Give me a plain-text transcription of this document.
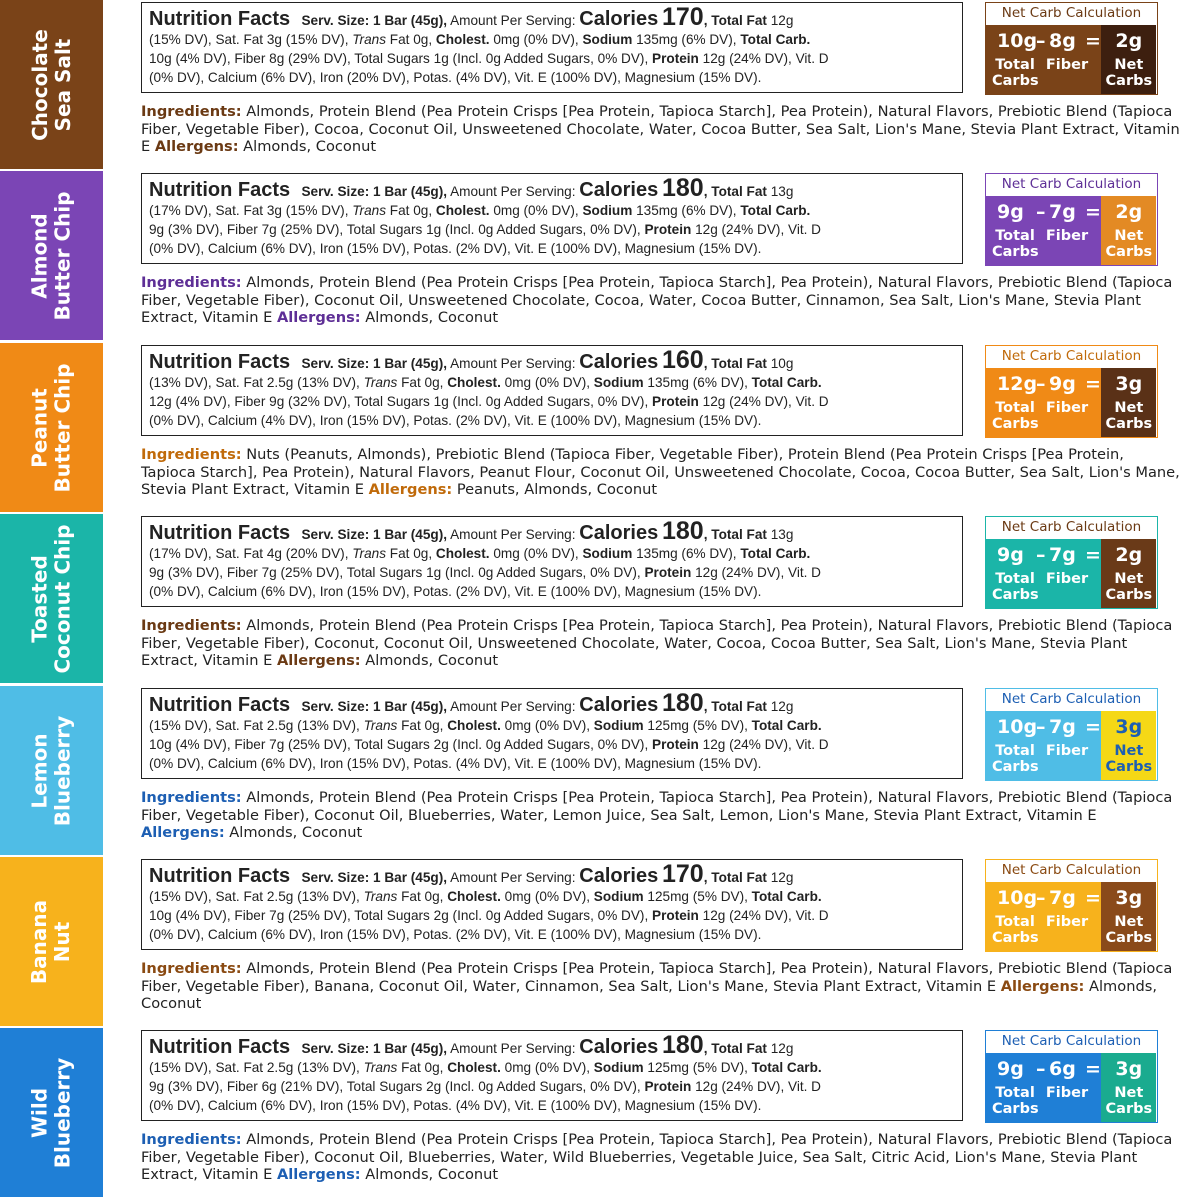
Chocolate Sea Salt
Nutrition Facts Serv. Size: 1 Bar (45g), Amount Per Serving: Calories 170, Total Fat 12g
(15% DV), Sat. Fat 3g (15% DV), Trans Fat 0g, Cholest. 0mg (0% DV), Sodium 135mg (6% DV), Total Carb.
10g (4% DV), Fiber 8g (29% DV), Total Sugars 1g (Incl. 0g Added Sugars, 0% DV), Protein 12g (24% DV), Vit. D
(0% DV), Calcium (6% DV), Iron (20% DV), Potas. (4% DV), Vit. E (100% DV), Magnesium (15% DV).
Net Carb Calculation
10g
– 8g =
Total
Carbs
Fiber
2g
Net
Carbs
Ingredients: Almonds, Protein Blend (Pea Protein Crisps [Pea Protein, Tapioca Starch], Pea Protein), Natural Flavors, Prebiotic Blend (Tapioca Fiber, Vegetable Fiber), Cocoa, Coconut Oil, Unsweetened Chocolate, Water, Cocoa Butter, Sea Salt, Lion's Mane, Stevia Plant Extract, Vitamin E Allergens: Almonds, Coconut
Almond Butter Chip
Nutrition Facts Serv. Size: 1 Bar (45g), Amount Per Serving: Calories 180, Total Fat 13g
(17% DV), Sat. Fat 3g (15% DV), Trans Fat 0g, Cholest. 0mg (0% DV), Sodium 135mg (6% DV), Total Carb.
9g (3% DV), Fiber 7g (25% DV), Total Sugars 1g (Incl. 0g Added Sugars, 0% DV), Protein 12g (24% DV), Vit. D
(0% DV), Calcium (6% DV), Iron (15% DV), Potas. (2% DV), Vit. E (100% DV), Magnesium (15% DV).
Net Carb Calculation
9g – 7g =
Total
Carbs
Fiber
2g
Net
Carbs
Ingredients: Almonds, Protein Blend (Pea Protein Crisps [Pea Protein, Tapioca Starch], Pea Protein), Natural Flavors, Prebiotic Blend (Tapioca Fiber, Vegetable Fiber), Coconut Oil, Unsweetened Chocolate, Cocoa, Water, Cocoa Butter, Cinnamon, Sea Salt, Lion's Mane, Stevia Plant Extract, Vitamin E Allergens: Almonds, Coconut
Peanut Butter Chip
Nutrition Facts Serv. Size: 1 Bar (45g), Amount Per Serving: Calories 160, Total Fat 10g
(13% DV), Sat. Fat 2.5g (13% DV), Trans Fat 0g, Cholest. 0mg (0% DV), Sodium 135mg (6% DV), Total Carb.
12g (4% DV), Fiber 9g (32% DV), Total Sugars 1g (Incl. 0g Added Sugars, 0% DV), Protein 12g (24% DV), Vit. D
(0% DV), Calcium (4% DV), Iron (15% DV), Potas. (2% DV), Vit. E (100% DV), Magnesium (15% DV).
Net Carb Calculation
12g
– 9g =
Total
Carbs
Fiber
3g
Net
Carbs
Ingredients: Nuts (Peanuts, Almonds), Prebiotic Blend (Tapioca Fiber, Vegetable Fiber), Protein Blend (Pea Protein Crisps [Pea Protein, Tapioca Starch], Pea Protein), Natural Flavors, Peanut Flour, Coconut Oil, Unsweetened Chocolate, Cocoa, Cocoa Butter, Sea Salt, Lion's Mane, Stevia Plant Extract, Vitamin E Allergens: Peanuts, Almonds, Coconut
Toasted Coconut Chip	Nutrition Facts Serv. Size: 1 Bar (45g), Amount Per Serving: Calories 180, Total Fat 13g
(17% DV), Sat. Fat 4g (20% DV), Trans Fat 0g, Cholest. 0mg (0% DV), Sodium 135mg (6% DV), Total Carb.
9g (3% DV), Fiber 7g (25% DV), Total Sugars 1g (Incl. 0g Added Sugars, 0% DV), Protein 12g (24% DV), Vit. D
(0% DV), Calcium (6% DV), Iron (15% DV), Potas. (2% DV), Vit. E (100% DV), Magnesium (15% DV).
Net Carb Calculation
9g – 7g =
Total
Carbs
Fiber
2g
Net
Carbs
Ingredients: Almonds, Protein Blend (Pea Protein Crisps [Pea Protein, Tapioca Starch], Pea Protein), Natural Flavors, Prebiotic Blend (Tapioca Fiber, Vegetable Fiber), Coconut, Coconut Oil, Unsweetened Chocolate, Water, Cocoa, Cocoa Butter, Sea Salt, Lion's Mane, Stevia Plant Extract, Vitamin E Allergens: Almonds, Coconut
Lemon Blueberry
Nutrition Facts Serv. Size: 1 Bar (45g), Amount Per Serving: Calories 180, Total Fat 12g
(15% DV), Sat. Fat 2.5g (13% DV), Trans Fat 0g, Cholest. 0mg (0% DV), Sodium 125mg (5% DV), Total Carb.
10g (4% DV), Fiber 7g (25% DV), Total Sugars 2g (Incl. 0g Added Sugars, 0% DV), Protein 12g (24% DV), Vit. D
(0% DV), Calcium (6% DV), Iron (15% DV), Potas. (4% DV), Vit. E (100% DV), Magnesium (15% DV).
Net Carb Calculation
10g
– 7g =
Total
Carbs
Fiber
3g
Net
Carbs
Ingredients: Almonds, Protein Blend (Pea Protein Crisps [Pea Protein, Tapioca Starch], Pea Protein), Natural Flavors, Prebiotic Blend (Tapioca Fiber, Vegetable Fiber), Coconut Oil, Blueberries, Water, Lemon Juice, Sea Salt, Lemon, Lion's Mane, Stevia Plant Extract, Vitamin E Allergens: Almonds, Coconut
Banana Nut
Nutrition Facts Serv. Size: 1 Bar (45g), Amount Per Serving: Calories 170, Total Fat 12g
(15% DV), Sat. Fat 2.5g (13% DV), Trans Fat 0g, Cholest. 0mg (0% DV), Sodium 125mg (5% DV), Total Carb.
10g (4% DV), Fiber 7g (25% DV), Total Sugars 2g (Incl. 0g Added Sugars, 0% DV), Protein 12g (24% DV), Vit. D
(0% DV), Calcium (6% DV), Iron (15% DV), Potas. (2% DV), Vit. E (100% DV), Magnesium (15% DV).
Net Carb Calculation
10g
– 7g =
Total
Carbs
Fiber
3g
Net
Carbs
Ingredients: Almonds, Protein Blend (Pea Protein Crisps [Pea Protein, Tapioca Starch], Pea Protein), Natural Flavors, Prebiotic Blend (Tapioca Fiber, Vegetable Fiber), Banana, Coconut Oil, Water, Cinnamon, Sea Salt, Lion's Mane, Stevia Plant Extract, Vitamin E Allergens: Almonds, Coconut
Wild Blueberry
Nutrition Facts Serv. Size: 1 Bar (45g), Amount Per Serving: Calories 180, Total Fat 12g
(15% DV), Sat. Fat 2.5g (13% DV), Trans Fat 0g, Cholest. 0mg (0% DV), Sodium 125mg (5% DV), Total Carb.
9g (3% DV), Fiber 6g (21% DV), Total Sugars 2g (Incl. 0g Added Sugars, 0% DV), Protein 12g (24% DV), Vit. D
(0% DV), Calcium (6% DV), Iron (15% DV), Potas. (4% DV), Vit. E (100% DV), Magnesium (15% DV).
Net Carb Calculation
9g – 6g =
Total
Carbs
Fiber
3g
Net
Carbs
Ingredients: Almonds, Protein Blend (Pea Protein Crisps [Pea Protein, Tapioca Starch], Pea Protein), Natural Flavors, Prebiotic Blend (Tapioca Fiber, Vegetable Fiber), Coconut Oil, Blueberries, Water, Wild Blueberries, Vegetable Juice, Sea Salt, Citric Acid, Lion's Mane, Stevia Plant Extract, Vitamin E Allergens: Almonds, Coconut
